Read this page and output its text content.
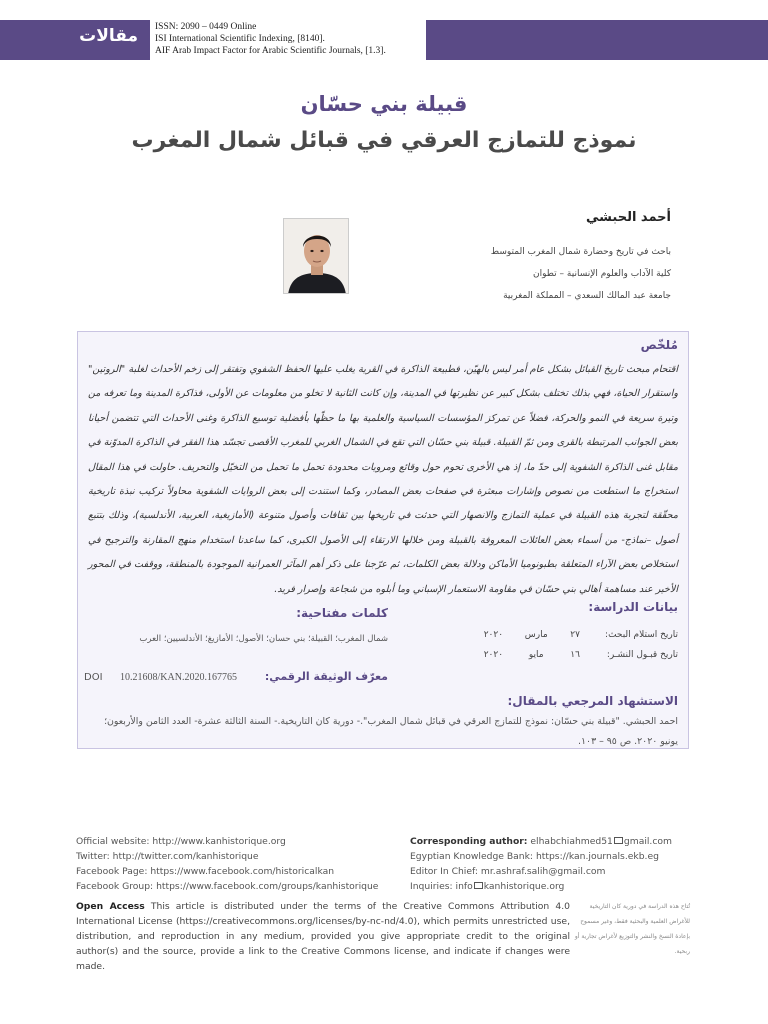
مقالات ISSN: 2090 – 0449 Online
ISI International Scientific Indexing, [8140].
AIF Arab Impact Factor for Arabic Scientific Journals, [1.3].
قبيلة بني حسّان
نموذج للتمازج العرقي في قبائل شمال المغرب
أحمد الحبشي
باحث في تاريخ وحضارة شمال المغرب المتوسط
كلية الآداب والعلوم الإنسانية – تطوان
جامعة عبد المالك السعدي – المملكة المغربية
مُلخّص
اقتحام مبحث تاريخ القبائل بشكل عام أمر ليس بالهيّن، فطبيعة الذاكرة في القرية يغلب عليها الحفظ الشفوي وتفتقر إلى زخم الأحداث لغلبة "الروتين" واستقرار الحياة، فهي بذلك تختلف بشكل كبير عن نظيرتها في المدينة، وإن كانت الثانية لا تخلو من معلومات عن الأولى، فذاكرة المدينة وما تعرفه من وتيرة سريعة في النمو والحركة، فضلاً عن تمركز المؤسسات السياسية والعلمية بها ما حظّها بأفضلية توسيع الذاكرة وغنى الأحداث التي تتضمن أحيانا بعض الجوانب المرتبطة بالقرى ومن ثمّ القبيلة. قبيلة بني حسّان التي تقع في الشمال الغربي للمغرب الأقصى تجسّد هذا الفقر في الذاكرة المدوّنة في مقابل غنى الذاكرة الشفوية إلى حدّ ما، إذ هي الأخرى تحوم حول وقائع ومرويات محدودة تحمل ما تحمل من التخيّل والتحريف. حاولت في هذا المقال استخراج ما استطعت من نصوص وإشارات مبعثرة في صفحات بعض المصادر، وكما استندت إلى بعض الروايات الشفوية محاولاً تركيب نبذة تاريخية محقّقة لتجربة هذه القبيلة في عملية التمازج والانصهار التي حدثت في تاريخها بين ثقافات وأصول متنوعة (الأمازيغية، العربية، الأندلسية)، وذلك بتتبع أصول –نماذج- من أسماء بعض العائلات المعروفة بالقبيلة ومن خلالها الارتقاء إلى الأصول الكبرى، كما ساعدنا استخدام منهج المقارنة والترجيح في استخلاص بعض الآراء المتعلقة بطبونوميا الأماكن ودلالة بعض الكلمات، ثم عرّجنا على ذكر أهم المآثر العمرانية الموجودة بالمنطقة، ووقفت في المحور الأخير عند مساهمة أهالي بني حسّان في مقاومة الاستعمار الإسباني وما أبلوه من شجاعة وإصرار فريد.
كلمات مفتاحية:
شمال المغرب؛ القبيلة؛ بني حسان؛ الأصول؛ الأمازيغ؛ الأندلسيين؛ العرب
معرّف الوثيقة الرقمي:
DOI 10.21608/KAN.2020.167765
بيانات الدراسة:
تاريخ استلام البحث: ٢٧ مارس ٢٠٢٠
تاريخ قبـول النشـر: ١٦ مايو ٢٠٢٠
الاستشهاد المرجعي بالمقال:
احمد الحبشي. "قبيلة بني حسّان: نموذج للتمازج العرقي في قبائل شمال المغرب".- دورية كان التاريخية.- السنة الثالثة عشرة- العدد الثامن والأربعون؛ يونيو ٢٠٢٠. ص ٩٥ – ١٠٣.
Official website: http://www.kanhistorique.org
Twitter: http://twitter.com/kanhistorique
Facebook Page: https://www.facebook.com/historicalkan
Facebook Group: https://www.facebook.com/groups/kanhistorique
Corresponding author: elhabchiahmed51 gmail.com
Egyptian Knowledge Bank: https://kan.journals.ekb.eg
Editor In Chief: mr.ashraf.salih@gmail.com
Inquiries: info kanhistorique.org
Open Access This article is distributed under the terms of the Creative Commons Attribution 4.0 International License (https://creativecommons.org/licenses/by-nc-nd/4.0), which permits unrestricted use, distribution, and reproduction in any medium, provided you give appropriate credit to the original author(s) and the source, provide a link to the Creative Commons license, and indicate if changes were made.
تُتاح هذه الدراسة في دورية كان التاريخية للأغراض العلمية والبحثية فقط، وغير مسموح بإعادة النسخ والنشر والتوزيع لأغراض تجارية أو ربحية.
